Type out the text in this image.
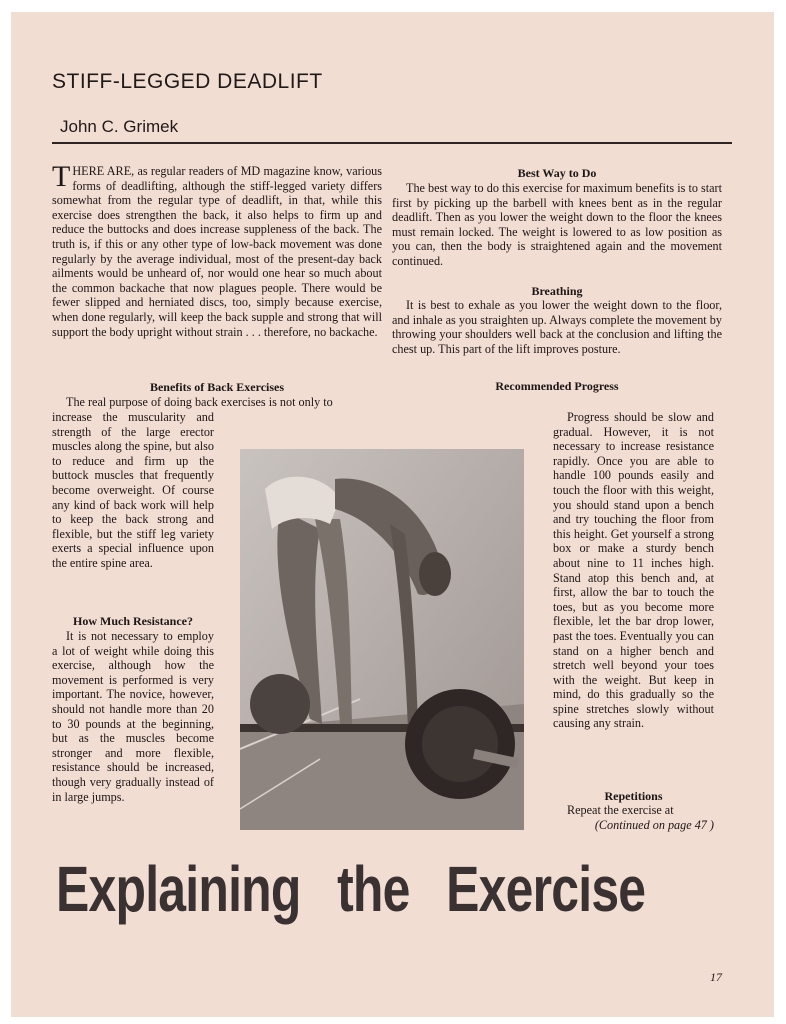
STIFF-LEGGED DEADLIFT
John C. Grimek

THERE ARE, as regular readers of MD magazine know, various forms of deadlifting, although the stiff-legged variety differs somewhat from the regular type of deadlift, in that, while this exercise does strengthen the back, it also helps to firm up and reduce the buttocks and does increase suppleness of the back. The truth is, if this or any other type of low-back movement was done regularly by the average individual, most of the present-day back ailments would be unheard of, nor would one hear so much about the common backache that now plagues people. There would be fewer slipped and herniated discs, too, simply because exercise, when done regularly, will keep the back supple and strong that will support the body upright without strain . . . therefore, no backache.

Benefits of Back Exercises
The real purpose of doing back exercises is not only to
increase the muscularity and strength of the large erector muscles along the spine, but also to reduce and firm up the buttock muscles that frequently become overweight. Of course any kind of back work will help to keep the back strong and flexible, but the stiff leg variety exerts a special influence upon the entire spine area.
How Much Resistance?
It is not necessary to employ a lot of weight while doing this exercise, although how the movement is performed is very important. The novice, however, should not handle more than 20 to 30 pounds at the beginning, but as the muscles become stronger and more flexible, resistance should be increased, though very gradually instead of in large jumps.
Best Way to Do
The best way to do this exercise for maximum benefits is to start first by picking up the barbell with knees bent as in the regular deadlift. Then as you lower the weight down to the floor the knees must remain locked. The weight is lowered to as low position as you can, then the body is straightened again and the movement continued.
Breathing
It is best to exhale as you lower the weight down to the floor, and inhale as you straighten up. Always complete the movement by throwing your shoulders well back at the conclusion and lifting the chest up. This part of the lift improves posture.
Recommended Progress
Progress should be slow and gradual. However, it is not necessary to increase resistance rapidly. Once you are able to handle 100 pounds easily and touch the floor with this weight, you should stand upon a bench and try touching the floor from this height. Get yourself a strong box or make a sturdy bench about nine to 11 inches high. Stand atop this bench and, at first, allow the bar to touch the toes, but as you become more flexible, let the bar drop lower, past the toes. Eventually you can stand on a higher bench and stretch well beyond your toes with the weight. But keep in mind, do this gradually so the spine stretches slowly without causing any strain.
Repetitions
Repeat the exercise at
(Continued on page 47 )
Explaining the Exercise
17
